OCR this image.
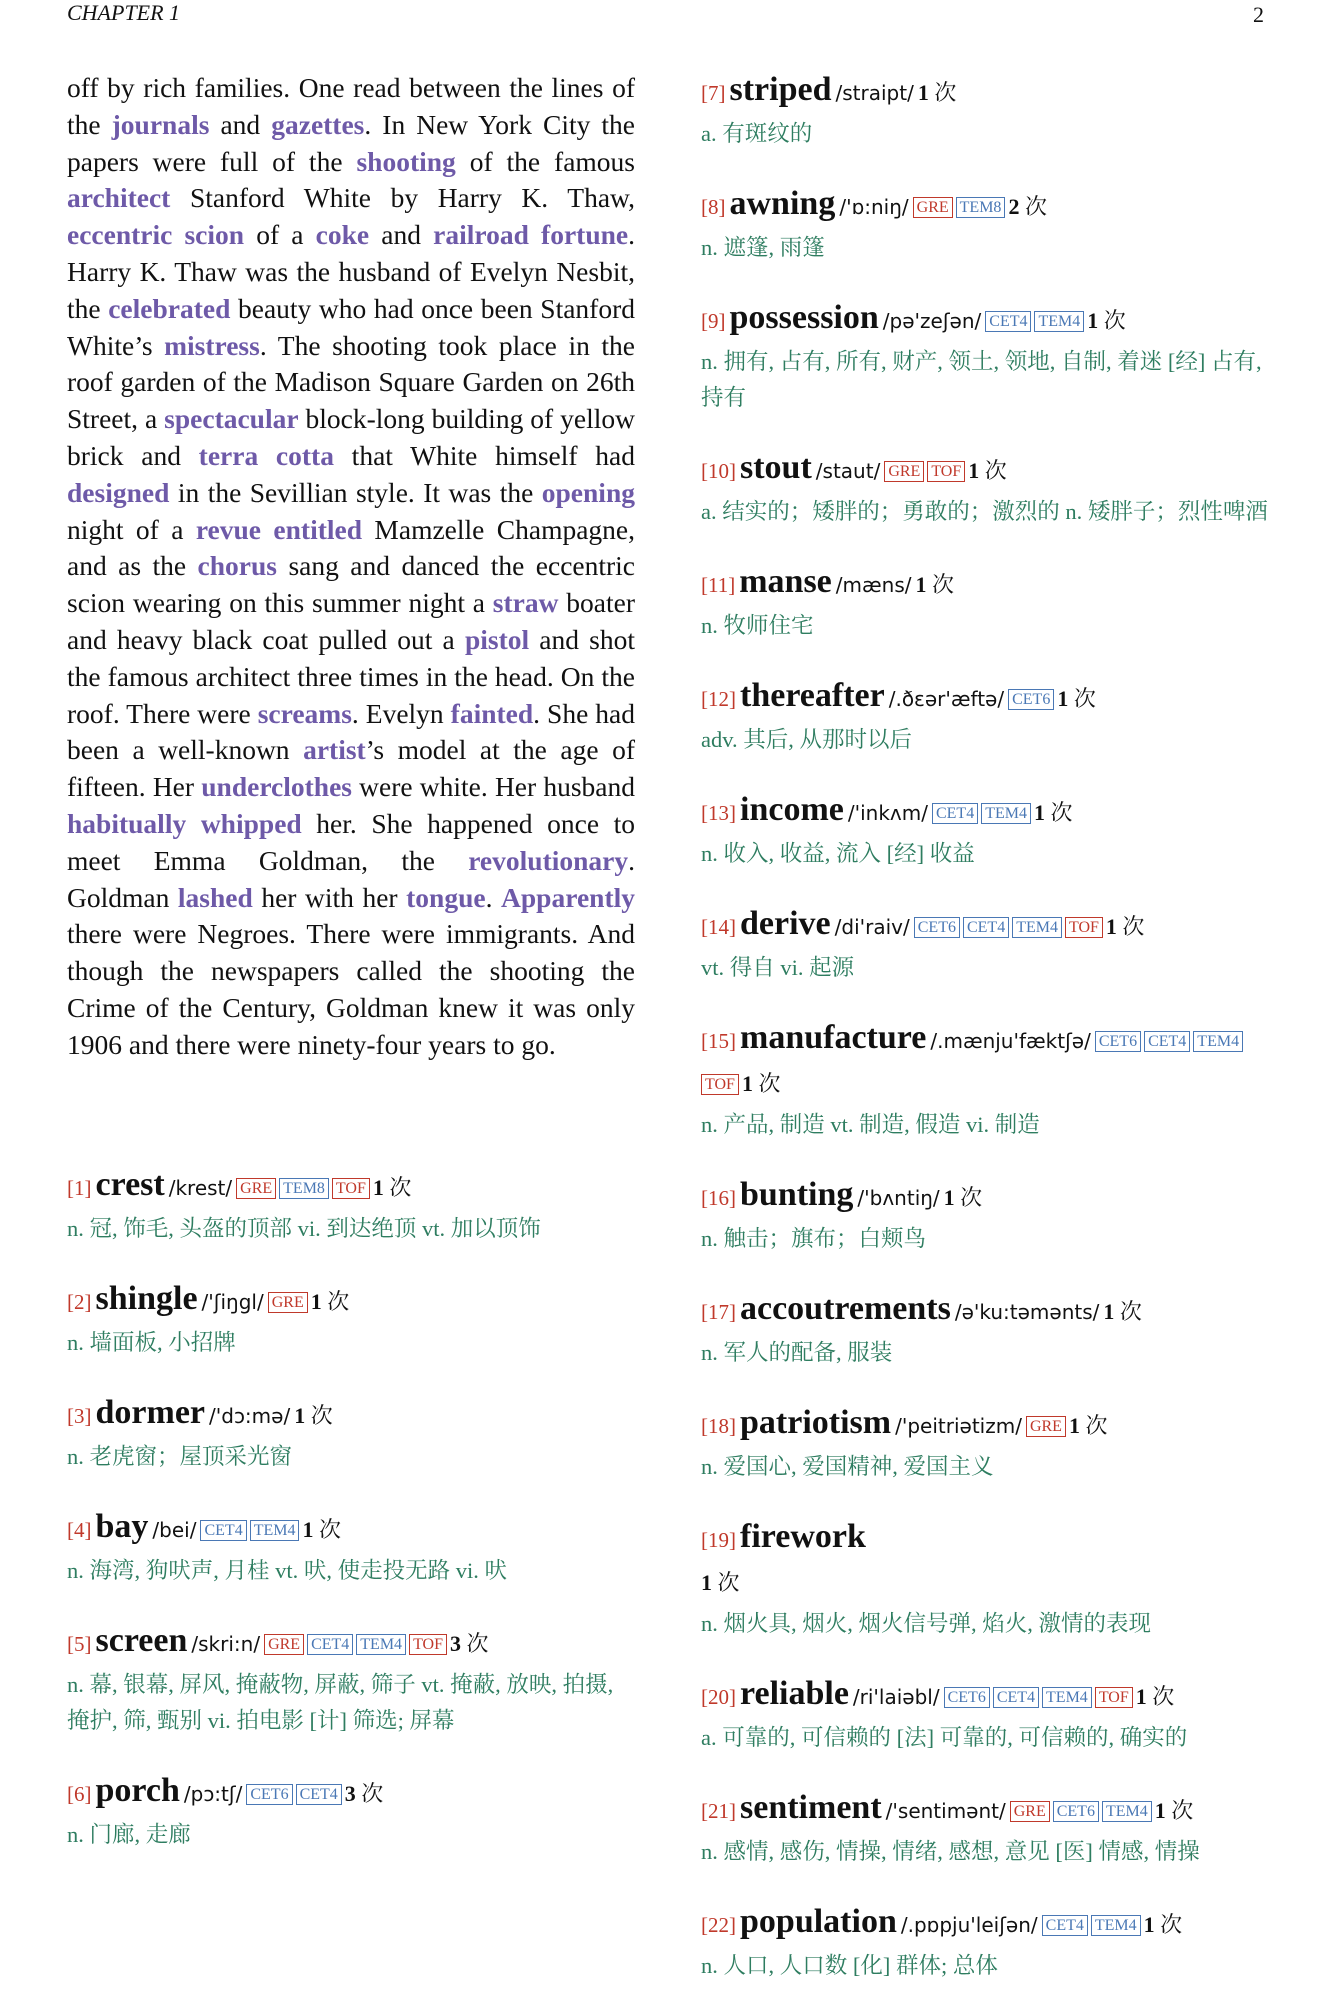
CHAPTER 1	2
off by rich families. One read between the lines of the journals and gazettes. In New York City the papers were full of the shooting of the famous architect Stanford White by Harry K. Thaw, eccentric scion of a coke and railroad fortune. Harry K. Thaw was the husband of Evelyn Nesbit, the celebrated beauty who had once been Stanford White’s mistress. The shooting took place in the roof garden of the Madison Square Garden on 26th Street, a spectacular block-long building of yellow brick and terra cotta that White himself had designed in the Sevillian style. It was the opening night of a revue entitled Mamzelle Champagne, and as the chorus sang and danced the eccentric scion wearing on this summer night a straw boater and heavy black coat pulled out a pistol and shot the famous architect three times in the head. On the roof. There were screams. Evelyn fainted. She had been a well-known artist’s model at the age of fifteen. Her underclothes were white. Her husband habitually whipped her. She happened once to meet Emma Goldman, the revolutionary. Goldman lashed her with her tongue. Apparently there were Negroes. There were immigrants. And though the newspapers called the shooting the Crime of the Century, Goldman knew it was only 1906 and there were ninety-four years to go.
[1] crest /krest/ GRE TEM8 TOF 1 次
n. 冠, 饰毛, 头盔的顶部 vi. 到达绝顶 vt. 加以顶饰
[2] shingle /'ʃiŋgl/ GRE 1 次
n. 墙面板, 小招牌
[3] dormer /'dɔ:mə/ 1 次
n. 老虎窗；屋顶采光窗
[4] bay /bei/ CET4 TEM4 1 次
n. 海湾, 狗吠声, 月桂 vt. 吠, 使走投无路 vi. 吠
[5] screen /skri:n/ GRE CET4 TEM4 TOF 3 次
n. 幕, 银幕, 屏风, 掩蔽物, 屏蔽, 筛子 vt. 掩蔽, 放映, 拍摄, 掩护, 筛, 甄别 vi. 拍电影 [计] 筛选; 屏幕
[6] porch /pɔ:tʃ/ CET6 CET4 3 次
n. 门廊, 走廊
[7] striped /straipt/ 1 次
a. 有斑纹的
[8] awning /'ɒ:niŋ/ GRE TEM8 2 次
n. 遮篷, 雨篷
[9] possession /pə'zeʃən/ CET4 TEM4 1 次
n. 拥有, 占有, 所有, 财产, 领土, 领地, 自制, 着迷 [经] 占有, 持有
[10] stout /staut/ GRE TOF 1 次
a. 结实的；矮胖的；勇敢的；激烈的 n. 矮胖子；烈性啤酒
[11] manse /mæns/ 1 次
n. 牧师住宅
[12] thereafter /.ðɛər'æftə/ CET6 1 次
adv. 其后, 从那时以后
[13] income /'inkʌm/ CET4 TEM4 1 次
n. 收入, 收益, 流入 [经] 收益
[14] derive /di'raiv/ CET6 CET4 TEM4 TOF 1 次
vt. 得自 vi. 起源
[15] manufacture /.mænju'fæktʃə/ CET6 CET4 TEM4TOF 1 次
n. 产品, 制造 vt. 制造, 假造 vi. 制造
[16] bunting /'bʌntiŋ/ 1 次
n. 触击；旗布；白颊鸟
[17] accoutrements /ə'ku:təmənts/ 1 次
n. 军人的配备, 服装
[18] patriotism /'peitriətizm/ GRE 1 次
n. 爱国心, 爱国精神, 爱国主义
[19] firework
1 次
n. 烟火具, 烟火, 烟火信号弹, 焰火, 激情的表现
[20] reliable /ri'laiəbl/ CET6 CET4 TEM4 TOF 1 次
a. 可靠的, 可信赖的 [法] 可靠的, 可信赖的, 确实的
[21] sentiment /'sentimənt/ GRE CET6 TEM4 1 次
n. 感情, 感伤, 情操, 情绪, 感想, 意见 [医] 情感, 情操
[22] population /.pɒpju'leiʃən/ CET4 TEM4 1 次
n. 人口, 人口数 [化] 群体; 总体
